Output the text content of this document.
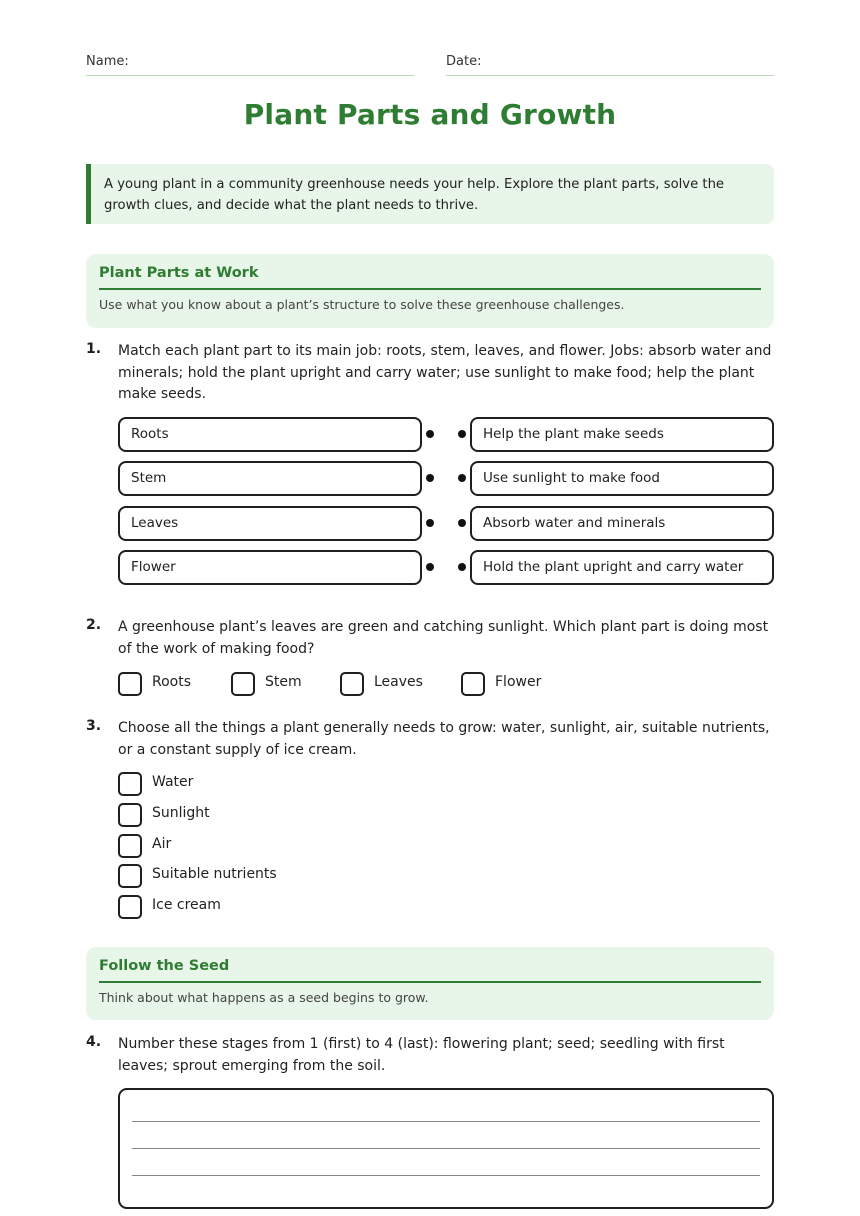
Name:	Date:
Plant Parts and Growth
A young plant in a community greenhouse needs your help. Explore the plant parts, solve the growth clues, and decide what the plant needs to thrive.
Plant Parts at Work
Use what you know about a plant’s structure to solve these greenhouse challenges.
1. Match each plant part to its main job: roots, stem, leaves, and flower. Jobs: absorb water and minerals; hold the plant upright and carry water; use sunlight to make food; help the plant make seeds.
Roots	Help the plant make seeds
Stem	Use sunlight to make food
Leaves	Absorb water and minerals
Flower	Hold the plant upright and carry water
2. A greenhouse plant’s leaves are green and catching sunlight. Which plant part is doing most of the work of making food?
Roots	Stem	Leaves	Flower
3. Choose all the things a plant generally needs to grow: water, sunlight, air, suitable nutrients, or a constant supply of ice cream.
Water
Sunlight
Air
Suitable nutrients
Ice cream
Follow the Seed
Think about what happens as a seed begins to grow.
4. Number these stages from 1 (first) to 4 (last): flowering plant; seed; seedling with first leaves; sprout emerging from the soil.
